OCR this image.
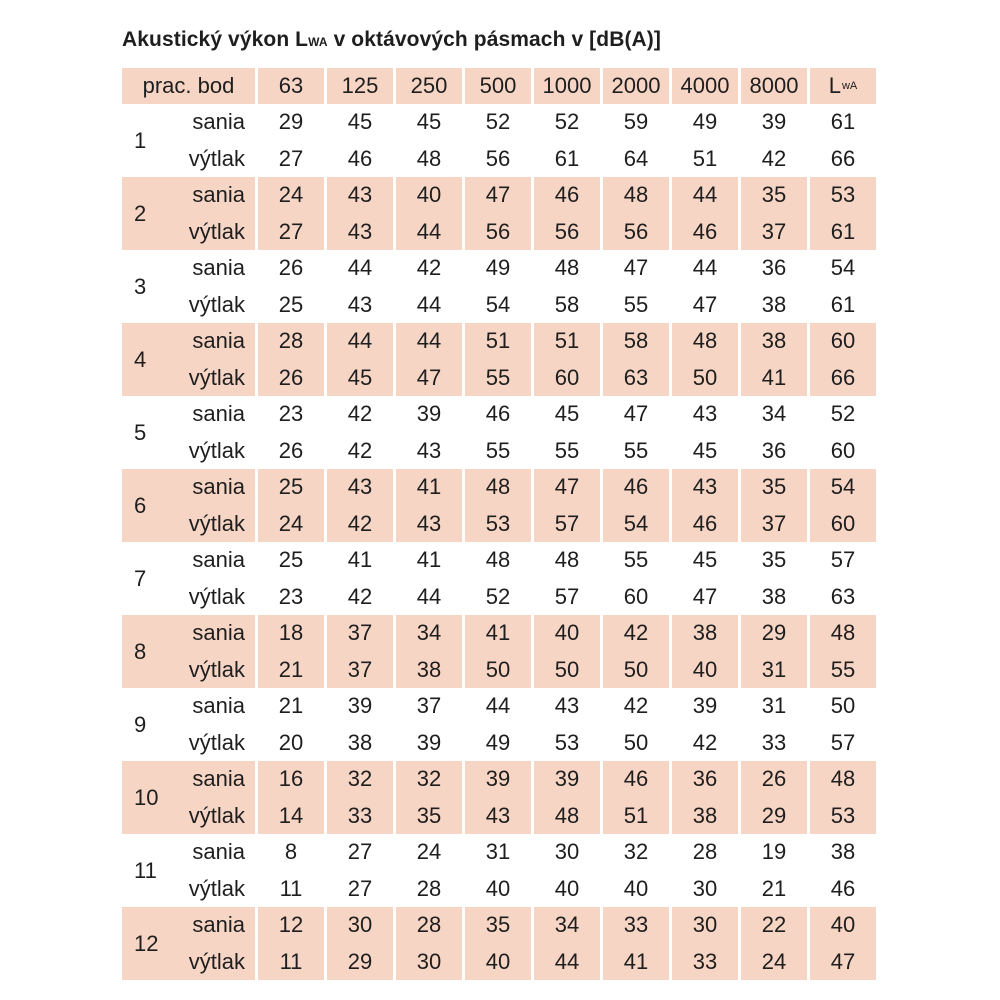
Akustický výkon LWA v oktávových pásmach v [dB(A)]
prac. bod	63	125	250	500	1000 2000 4000 8000	L wA
1
sania	29	45	45	52	52	59	49	39	61
výtlak	27	46	48	56	61	64	51	42	66
2
sania	24	43	40	47	46	48	44	35	53
výtlak	27	43	44	56	56	56	46	37	61
3
sania	26	44	42	49	48	47	44	36	54
výtlak	25	43	44	54	58	55	47	38	61
4
sania	28	44	44	51	51	58	48	38	60
výtlak	26	45	47	55	60	63	50	41	66
5
sania	23	42	39	46	45	47	43	34	52
výtlak	26	42	43	55	55	55	45	36	60
6
sania	25	43	41	48	47	46	43	35	54
výtlak	24	42	43	53	57	54	46	37	60
7
sania	25	41	41	48	48	55	45	35	57
výtlak	23	42	44	52	57	60	47	38	63
8
sania	18	37	34	41	40	42	38	29	48
výtlak	21	37	38	50	50	50	40	31	55
9
sania	21	39	37	44	43	42	39	31	50
výtlak	20	38	39	49	53	50	42	33	57
10
sania	16	32	32	39	39	46	36	26	48
výtlak	14	33	35	43	48	51	38	29	53
11
sania	8	27	24	31	30	32	28	19	38
výtlak	11	27	28	40	40	40	30	21	46
12
sania	12	30	28	35	34	33	30	22	40
výtlak	11	29	30	40	44	41	33	24	47
